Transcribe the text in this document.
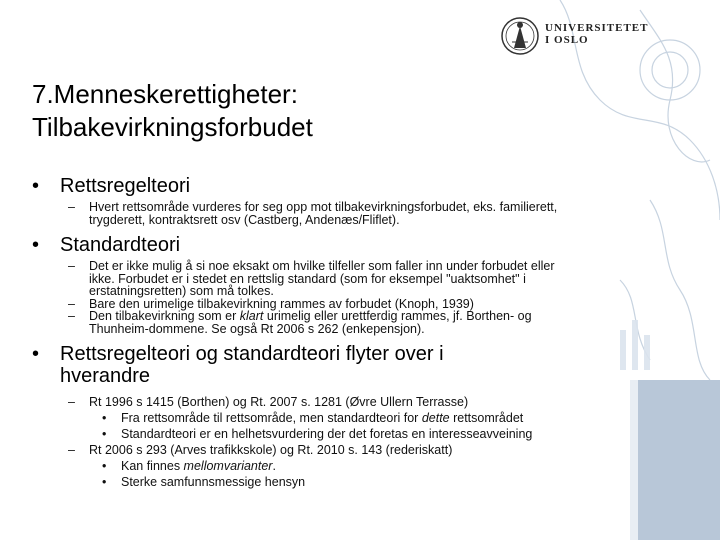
UNIVERSITETET
I OSLO
7.Menneskerettigheter:
Tilbakevirkningsforbudet
• Rettsregelteori
– Hvert rettsområde vurderes for seg opp mot tilbakevirkningsforbudet, eks. familierett,
trygderett, kontraktsrett osv (Castberg, Andenæs/Fliflet).
• Standardteori
– Det er ikke mulig å si noe eksakt om hvilke tilfeller som faller inn under forbudet eller
ikke. Forbudet er i stedet en rettslig standard (som for eksempel "uaktsomhet" i
erstatningsretten) som må tolkes.
– Bare den urimelige tilbakevirkning rammes av forbudet (Knoph, 1939)
– Den tilbakevirkning som er klart urimelig eller urettferdig rammes, jf. Borthen- og
Thunheim-dommene. Se også Rt 2006 s 262 (enkepensjon).
• Rettsregelteori og standardteori flyter over i
hverandre
– Rt 1996 s 1415 (Borthen) og Rt. 2007 s. 1281 (Øvre Ullern Terrasse)
• Fra rettsområde til rettsområde, men standardteori for dette rettsområdet
• Standardteori er en helhetsvurdering der det foretas en interesseavveining
– Rt 2006 s 293 (Arves trafikkskole) og Rt. 2010 s. 143 (rederiskatt)
• Kan finnes mellomvarianter.
• Sterke samfunnsmessige hensyn
